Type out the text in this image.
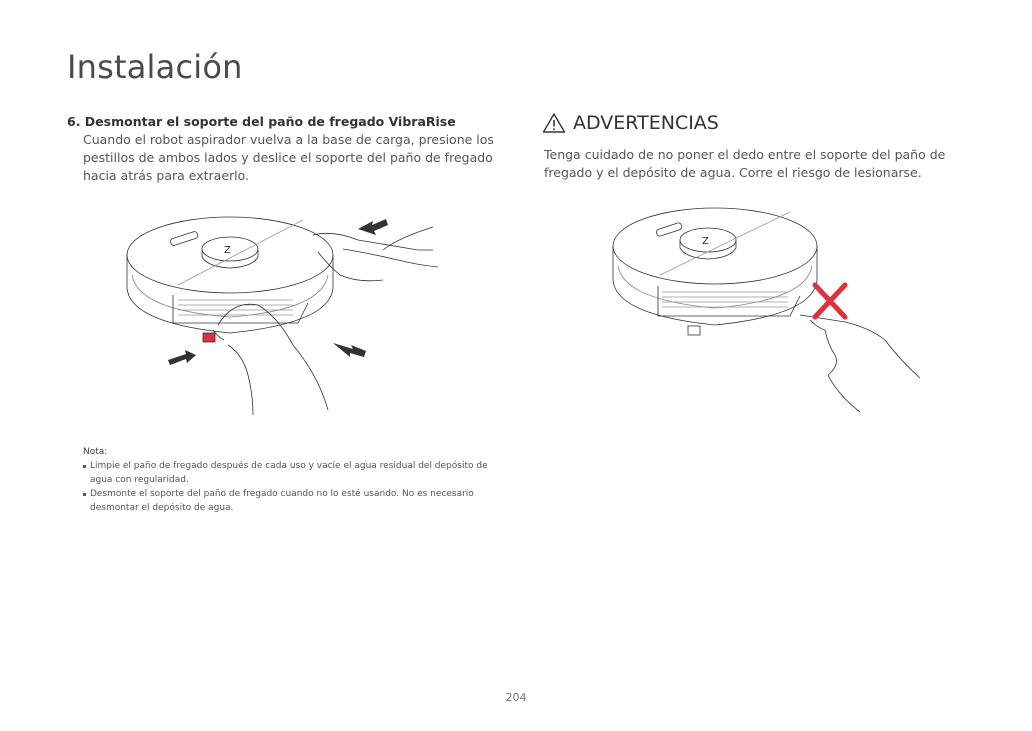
Instalación
6. Desmontar el soporte del paño de fregado VibraRise
Cuando el robot aspirador vuelva a la base de carga, presione los pestillos de ambos lados y deslice el soporte del paño de fregado hacia atrás para extraerlo.
ADVERTENCIAS
Tenga cuidado de no poner el dedo entre el soporte del paño de fregado y el depósito de agua. Corre el riesgo de lesionarse.
Z
Z
Nota:
Limpie el paño de fregado después de cada uso y vacíe el agua residual del depósito de agua con regularidad.
Desmonte el soporte del paño de fregado cuando no lo esté usando. No es necesario desmontar el depósito de agua.
204
